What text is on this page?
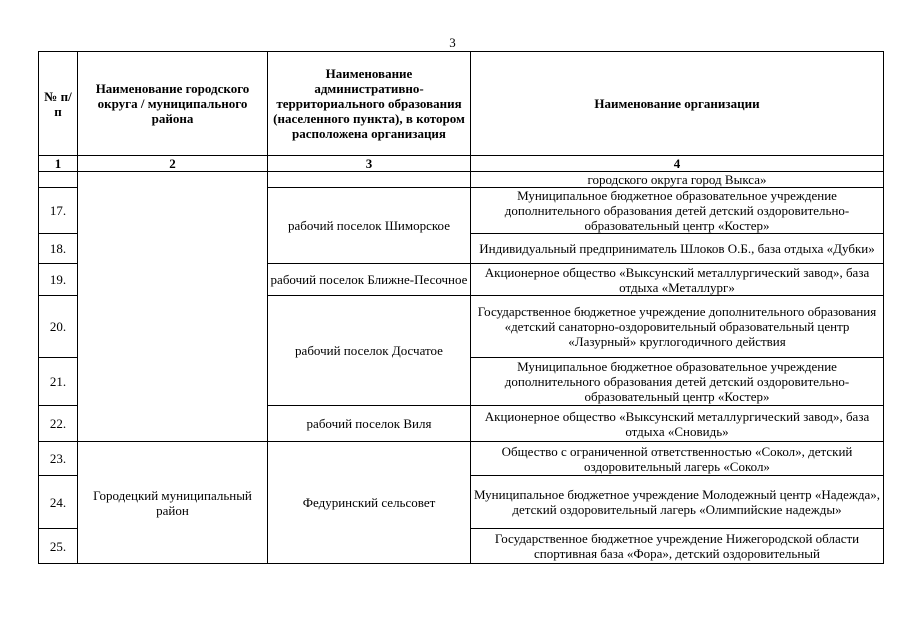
3
№ п/п	Наименование городского округа / муниципального района	Наименование административно-территориального образования (населенного пункта), в котором расположена организация	Наименование организации
1	2	3	4
			городского округа город Выкса»
17.		рабочий поселок Шиморское	Муниципальное бюджетное образовательное учреждение дополнительного образования детей детский оздоровительно-образовательный центр «Костер»
18.			Индивидуальный предприниматель Шлоков О.Б., база отдыха «Дубки»
19.		рабочий поселок Ближне-Песочное	Акционерное общество «Выксунский металлургический завод», база отдыха «Металлург»
20.		рабочий поселок Досчатое	Государственное бюджетное учреждение дополнительного образования «детский санаторно-оздоровительный образовательный центр «Лазурный» круглогодичного действия
21.			Муниципальное бюджетное образовательное учреждение дополнительного образования детей детский оздоровительно-образовательный центр «Костер»
22.		рабочий поселок Виля	Акционерное общество «Выксунский металлургический завод», база отдыха «Сновидь»
23.	Городецкий муниципальный район	Федуринский сельсовет	Общество с ограниченной ответственностью «Сокол», детский оздоровительный лагерь «Сокол»
24.			Муниципальное бюджетное учреждение Молодежный центр «Надежда», детский оздоровительный лагерь «Олимпийские надежды»
25.			Государственное бюджетное учреждение Нижегородской области спортивная база «Фора», детский оздоровительный
